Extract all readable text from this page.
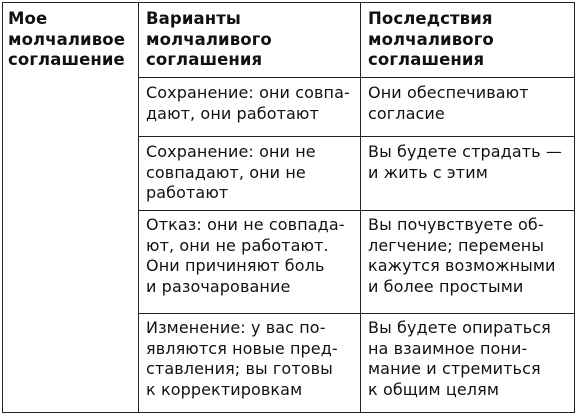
Мое
молчаливое
соглашение
Варианты
молчаливого
соглашения
Последствия
молчаливого
соглашения
Сохранение: они совпа-
дают, они работают
Они обеспечивают
согласие
Сохранение: они не
совпадают, они не
работают
Вы будете страдать —
и жить с этим
Отказ: они не совпада-
ют, они не работают.
Они причиняют боль
и разочарование
Вы почувствуете об-
легчение; перемены
кажутся возможными
и более простыми
Изменение: у вас по-
являются новые пред-
ставления; вы готовы
к корректировкам
Вы будете опираться
на взаимное пони-
мание и стремиться
к общим целям
